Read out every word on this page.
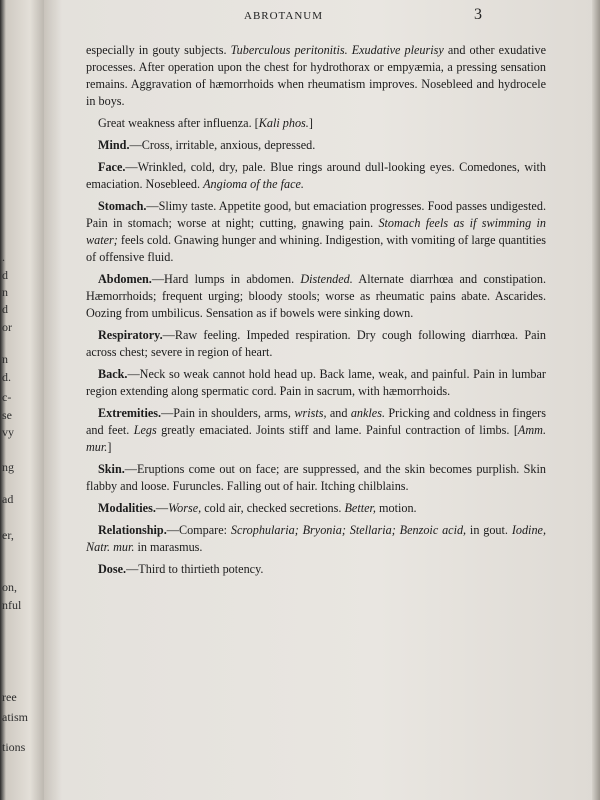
.
d
n
d
or
n
d.
c-
se
vy
ng
ad
er,
on,
nful
ree
atism
tions
ABROTANUM	3

especially in gouty subjects. Tuberculous peritonitis. Exudative pleurisy and other exudative processes. After operation upon the chest for hydrothorax or empyæmia, a pressing sensation remains. Aggravation of hæmorrhoids when rheumatism improves. Nosebleed and hydrocele in boys.

Great weakness after influenza. [Kali phos.]

Mind.—Cross, irritable, anxious, depressed.

Face.—Wrinkled, cold, dry, pale. Blue rings around dull-looking eyes. Comedones, with emaciation. Nosebleed. Angioma of the face.

Stomach.—Slimy taste. Appetite good, but emaciation progresses. Food passes undigested. Pain in stomach; worse at night; cutting, gnawing pain. Stomach feels as if swimming in water; feels cold. Gnawing hunger and whining. Indigestion, with vomiting of large quantities of offensive fluid.

Abdomen.—Hard lumps in abdomen. Distended. Alternate diarrhœa and constipation. Hæmorrhoids; frequent urging; bloody stools; worse as rheumatic pains abate. Ascarides. Oozing from umbilicus. Sensation as if bowels were sinking down.

Respiratory.—Raw feeling. Impeded respiration. Dry cough following diarrhœa. Pain across chest; severe in region of heart.

Back.—Neck so weak cannot hold head up. Back lame, weak, and painful. Pain in lumbar region extending along spermatic cord. Pain in sacrum, with hæmorrhoids.

Extremities.—Pain in shoulders, arms, wrists, and ankles. Pricking and coldness in fingers and feet. Legs greatly emaciated. Joints stiff and lame. Painful contraction of limbs. [Amm. mur.]

Skin.—Eruptions come out on face; are suppressed, and the skin becomes purplish. Skin flabby and loose. Furuncles. Falling out of hair. Itching chilblains.

Modalities.—Worse, cold air, checked secretions. Better, motion.

Relationship.—Compare: Scrophularia; Bryonia; Stellaria; Benzoic acid, in gout. Iodine, Natr. mur. in marasmus.

Dose.—Third to thirtieth potency.
